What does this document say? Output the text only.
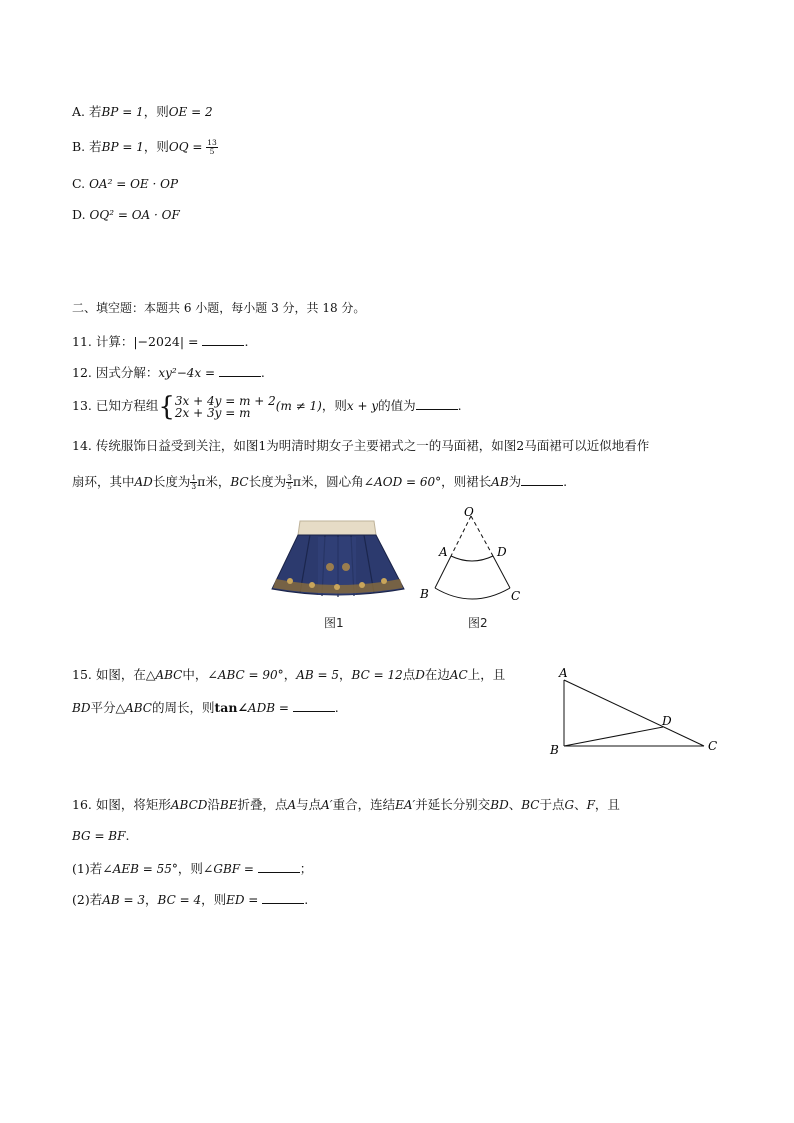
A. 若BP = 1，则OE = 2
B. 若BP = 1，则OQ = $\frac{13}{5}$
C. OA² = OE · OP
D. OQ² = OA · OF
二、填空题：本题共 6 小题，每小题 3 分，共 18 分。
11. 计算：|−2024| =	.
12. 因式分解：xy²−4x =	.
13. 已知方程组{ 3x + 4y = m + 2
2x + 3y = m	(m ≠ 1)，则x + y的值为	.
14. 传统服饰日益受到关注，如图1为明清时期女子主要裙式之一的马面裙，如图2马面裙可以近似地看作
扇环，其中AD长度为 $\frac{1}{3}$ π米，BC长度为 $\frac{3}{5}$ π米，圆心角∠AOD = 60°，则裙长AB为	.
图1
O
A	D
B	C
图2
15. 如图，在△ABC中，∠ABC = 90°，AB = 5，BC = 12点D在边AC上，且
BD平分△ABC的周长，则tan∠ADB =	.
A
B	C
D
16. 如图，将矩形ABCD沿BE折叠，点A与点A′重合，连结EA′并延长分别交BD、BC于点G、F，且
BG = BF.
(1)若∠AEB = 55°，则∠GBF =	；
(2)若AB = 3，BC = 4，则ED =	.
